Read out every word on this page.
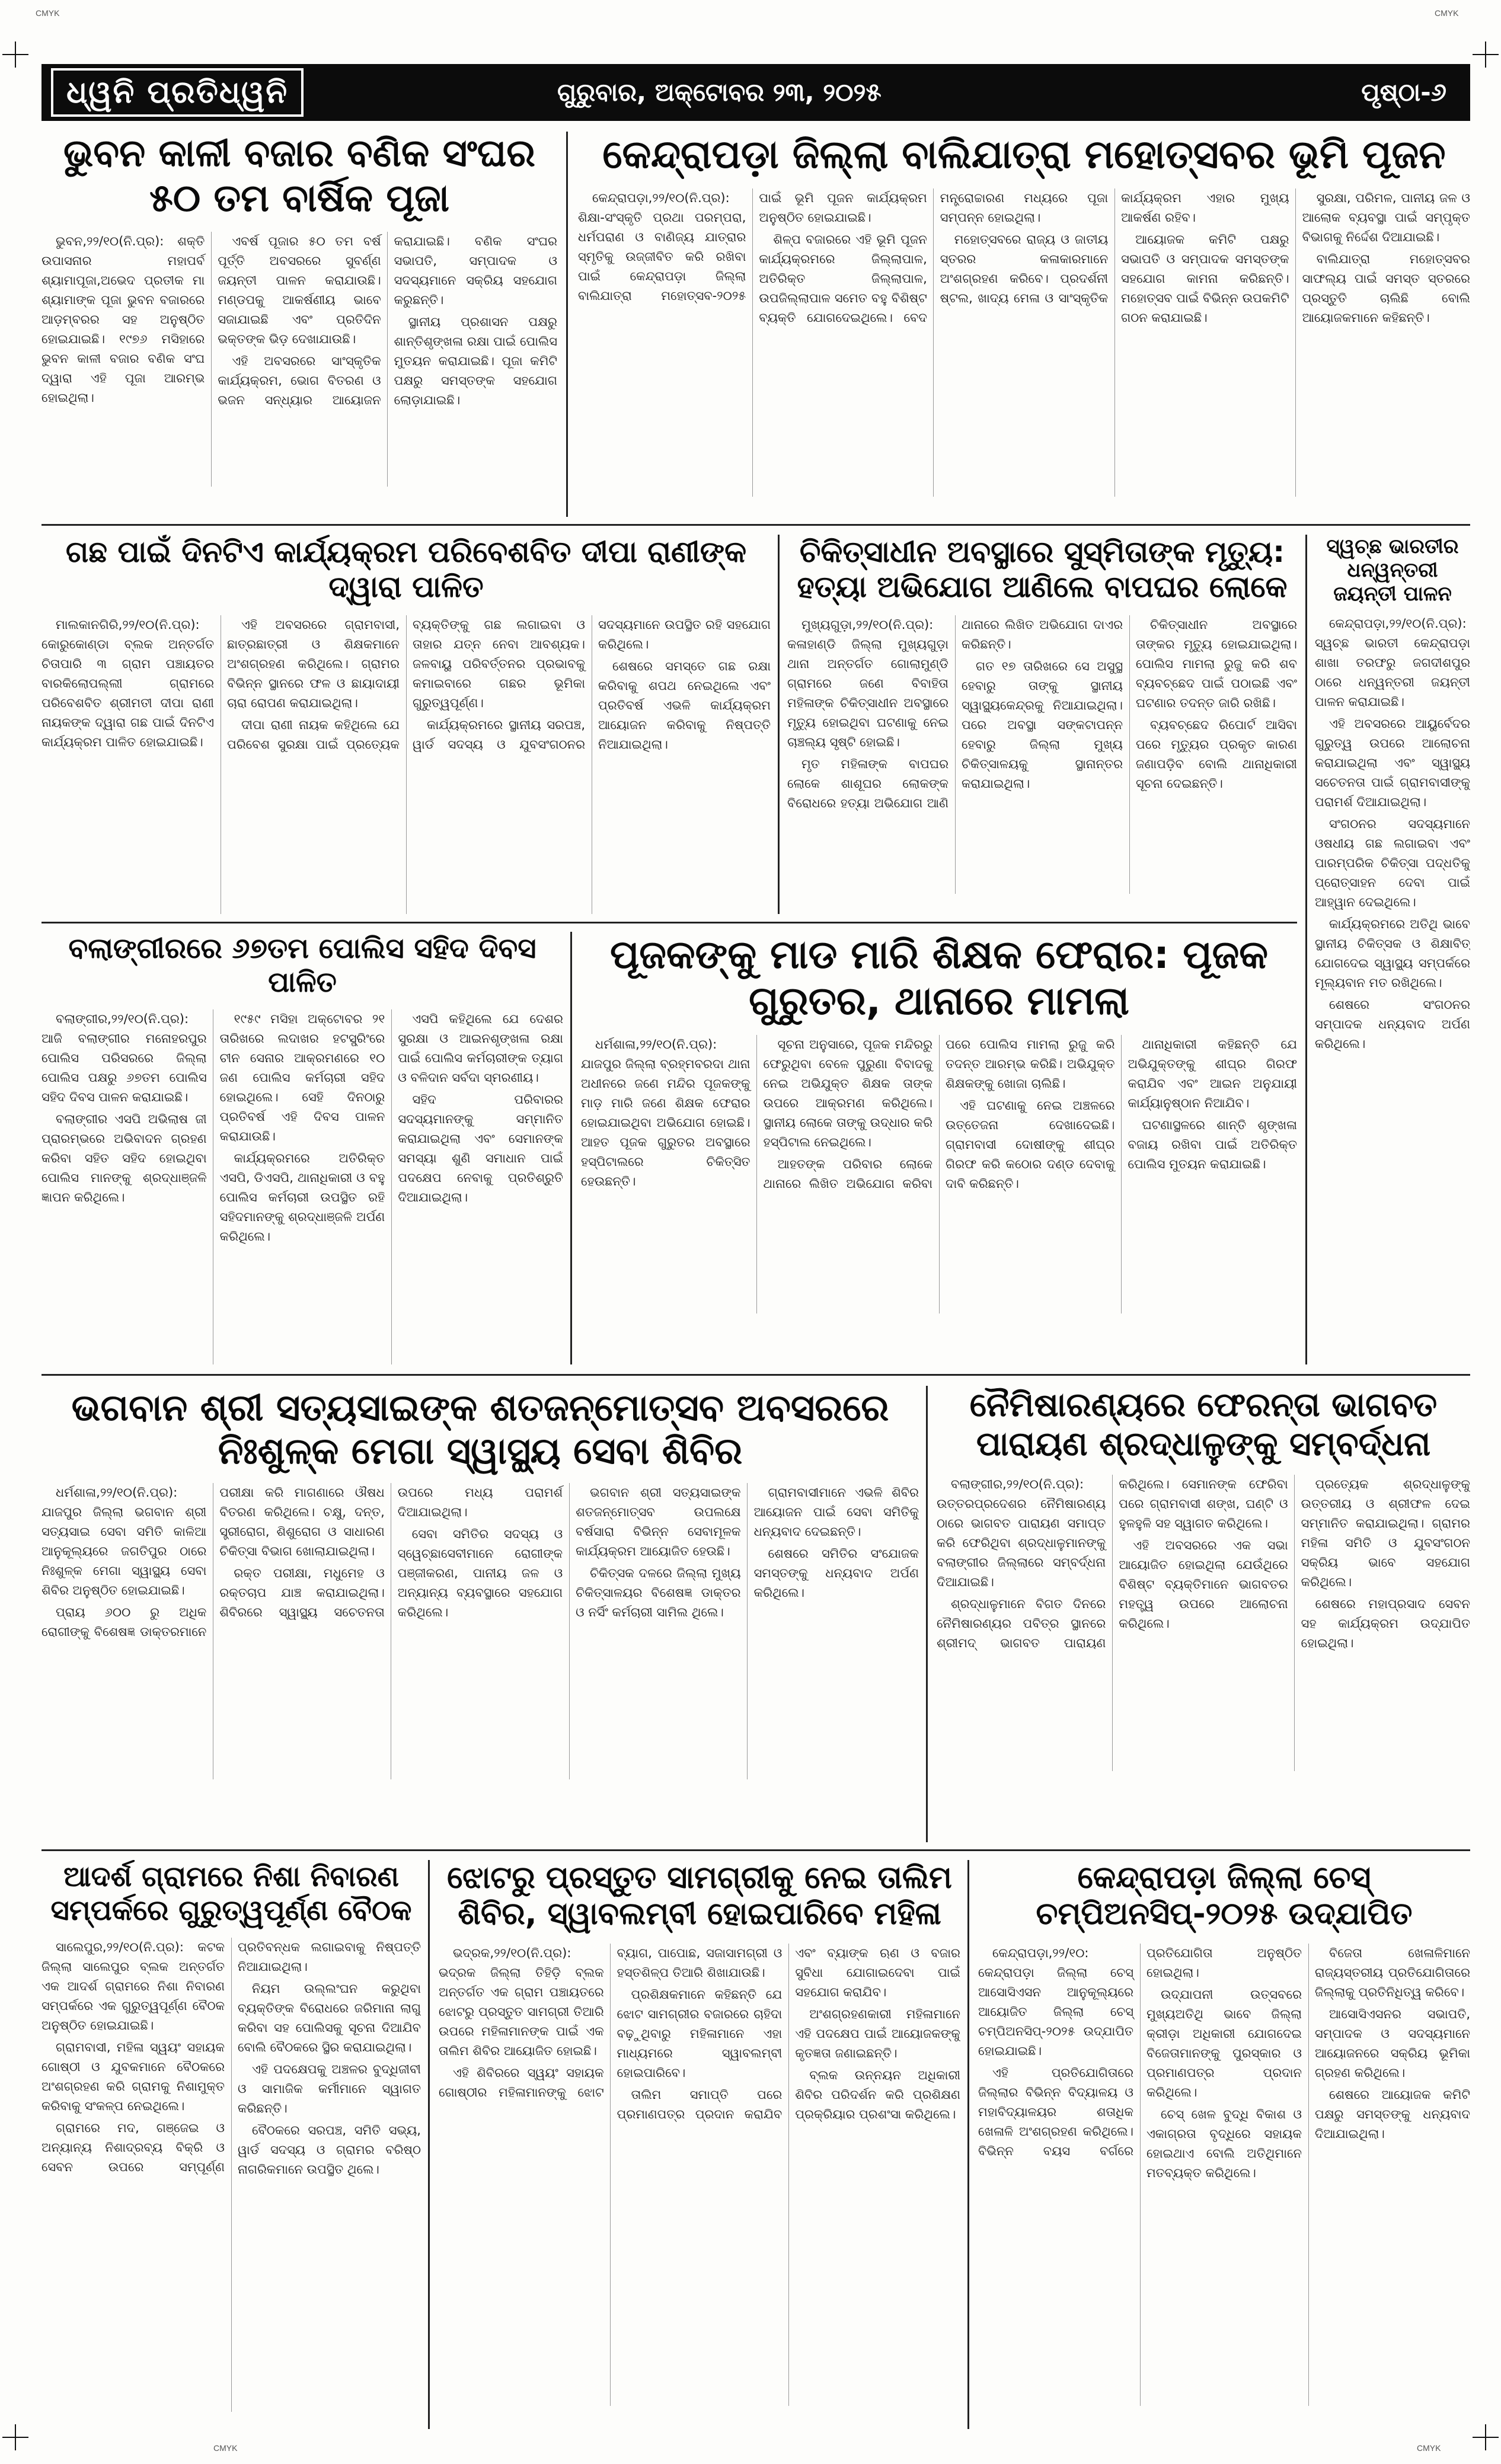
CMYK	CMYK
CMYK	CMYK
ଧ୍ୱନି ପ୍ରତିଧ୍ୱନି	ଗୁରୁବାର, ଅକ୍ଟୋବର ୨୩, ୨୦୨୫	ପୃଷ୍ଠା-୬
ଭୁବନ କାଳୀ ବଜାର ବଣିକ ସଂଘର ୫୦ ତମ ବାର୍ଷିକ ପୂଜା

ଭୁବନ,୨୨/୧୦(ନି.ପ୍ର): ଶକ୍ତି ଉପାସନାର ମହାପର୍ବ ଶ୍ୟାମାପୂଜା,ଅଭେଦ ପ୍ରତୀକ ମା ଶ୍ୟାମାଙ୍କ ପୂଜା ଭୁବନ ବଜାରରେ ଆଡ଼ମ୍ବରର ସହ ଅନୁଷ୍ଠିତ ହୋଇଯାଇଛି। ୧୯୭୬ ମସିହାରେ ଭୁବନ କାଳୀ ବଜାର ବଣିକ ସଂଘ ଦ୍ୱାରା ଏହି ପୂଜା ଆରମ୍ଭ ହୋଇଥିଲା।

ଏବର୍ଷ ପୂଜାର ୫୦ ତମ ବର୍ଷ ପୂର୍ତ୍ତି ଅବସରରେ ସୁବର୍ଣ୍ଣ ଜୟନ୍ତୀ ପାଳନ କରାଯାଉଛି। ମଣ୍ଡପକୁ ଆକର୍ଷଣୀୟ ଭାବେ ସଜାଯାଇଛି ଏବଂ ପ୍ରତିଦିନ ଭକ୍ତଙ୍କ ଭିଡ଼ ଦେଖାଯାଉଛି।

ଏହି ଅବସରରେ ସାଂସ୍କୃତିକ କାର୍ଯ୍ୟକ୍ରମ, ଭୋଗ ବିତରଣ ଓ ଭଜନ ସନ୍ଧ୍ୟାର ଆୟୋଜନ କରାଯାଇଛି। ବଣିକ ସଂଘର ସଭାପତି, ସମ୍ପାଦକ ଓ ସଦସ୍ୟମାନେ ସକ୍ରିୟ ସହଯୋଗ କରୁଛନ୍ତି।

ସ୍ଥାନୀୟ ପ୍ରଶାସନ ପକ୍ଷରୁ ଶାନ୍ତିଶୃଙ୍ଖଳା ରକ୍ଷା ପାଇଁ ପୋଲିସ ମୁତୟନ କରାଯାଇଛି। ପୂଜା କମିଟି ପକ୍ଷରୁ ସମସ୍ତଙ୍କ ସହଯୋଗ ଲୋଡ଼ାଯାଇଛି।

କେନ୍ଦ୍ରାପଡ଼ା ଜିଲ୍ଲା ବାଲିଯାତ୍ରା ମହୋତ୍ସବର ଭୂମି ପୂଜନ

କେନ୍ଦ୍ରାପଡ଼ା,୨୨/୧୦(ନି.ପ୍ର): ଶିକ୍ଷା-ସଂସ୍କୃତି ପ୍ରଥା ପରମ୍ପରା, ଧର୍ମପରାଣ ଓ ବାଣିଜ୍ୟ ଯାତ୍ରାର ସ୍ମୃତିକୁ ଉଜ୍ଜୀବିତ କରି ରଖିବା ପାଇଁ କେନ୍ଦ୍ରାପଡ଼ା ଜିଲ୍ଲା ବାଲିଯାତ୍ରା ମହୋତ୍ସବ-୨୦୨୫ ପାଇଁ ଭୂମି ପୂଜନ କାର୍ଯ୍ୟକ୍ରମ ଅନୁଷ୍ଠିତ ହୋଇଯାଇଛି।

ଶିଳ୍ପ ବଜାରରେ ଏହି ଭୂମି ପୂଜନ କାର୍ଯ୍ୟକ୍ରମରେ ଜିଲ୍ଲାପାଳ, ଅତିରିକ୍ତ ଜିଲ୍ଲାପାଳ, ଉପଜିଲ୍ଲାପାଳ ସମେତ ବହୁ ବିଶିଷ୍ଟ ବ୍ୟକ୍ତି ଯୋଗଦେଇଥିଲେ। ବେଦ ମନ୍ତ୍ରୋଚ୍ଚାରଣ ମଧ୍ୟରେ ପୂଜା ସମ୍ପନ୍ନ ହୋଇଥିଲା।

ମହୋତ୍ସବରେ ରାଜ୍ୟ ଓ ଜାତୀୟ ସ୍ତରର କଳାକାରମାନେ ଅଂଶଗ୍ରହଣ କରିବେ। ପ୍ରଦର୍ଶନୀ ଷ୍ଟଲ, ଖାଦ୍ୟ ମେଳା ଓ ସାଂସ୍କୃତିକ କାର୍ଯ୍ୟକ୍ରମ ଏହାର ମୁଖ୍ୟ ଆକର୍ଷଣ ରହିବ।

ଆୟୋଜକ କମିଟି ପକ୍ଷରୁ ସଭାପତି ଓ ସମ୍ପାଦକ ସମସ୍ତଙ୍କ ସହଯୋଗ କାମନା କରିଛନ୍ତି। ମହୋତ୍ସବ ପାଇଁ ବିଭିନ୍ନ ଉପକମିଟି ଗଠନ କରାଯାଇଛି।

ସୁରକ୍ଷା, ପରିମଳ, ପାନୀୟ ଜଳ ଓ ଆଲୋକ ବ୍ୟବସ୍ଥା ପାଇଁ ସମ୍ପୃକ୍ତ ବିଭାଗକୁ ନିର୍ଦ୍ଦେଶ ଦିଆଯାଇଛି।

ବାଲିଯାତ୍ରା ମହୋତ୍ସବର ସାଫଲ୍ୟ ପାଇଁ ସମସ୍ତ ସ୍ତରରେ ପ୍ରସ୍ତୁତି ଚାଲିଛି ବୋଲି ଆୟୋଜକମାନେ କହିଛନ୍ତି।

ଗଛ ପାଇଁ ଦିନଟିଏ କାର୍ଯ୍ୟକ୍ରମ ପରିବେଶବିତ ଦୀପା ରାଣୀଙ୍କ ଦ୍ୱାରା ପାଳିତ

ମାଲକାନଗିରି,୨୨/୧୦(ନି.ପ୍ର): କୋରୁକୋଣ୍ଡା ବ୍ଲକ ଅନ୍ତର୍ଗତ ଚିତାପାରି ୩ ଗ୍ରାମ ପଞ୍ଚାୟତର ବାରକିଲୋପଲ୍ଲୀ ଗ୍ରାମରେ ପରିବେଶବିତ ଶ୍ରୀମତୀ ଦୀପା ରାଣୀ ନାୟକଙ୍କ ଦ୍ୱାରା ଗଛ ପାଇଁ ଦିନଟିଏ କାର୍ଯ୍ୟକ୍ରମ ପାଳିତ ହୋଇଯାଇଛି।

ଏହି ଅବସରରେ ଗ୍ରାମବାସୀ, ଛାତ୍ରଛାତ୍ରୀ ଓ ଶିକ୍ଷକମାନେ ଅଂଶଗ୍ରହଣ କରିଥିଲେ। ଗ୍ରାମର ବିଭିନ୍ନ ସ୍ଥାନରେ ଫଳ ଓ ଛାୟାଦାୟୀ ଚାରା ରୋପଣ କରାଯାଇଥିଲା।

ଦୀପା ରାଣୀ ନାୟକ କହିଥିଲେ ଯେ ପରିବେଶ ସୁରକ୍ଷା ପାଇଁ ପ୍ରତ୍ୟେକ ବ୍ୟକ୍ତିଙ୍କୁ ଗଛ ଲଗାଇବା ଓ ତାହାର ଯତ୍ନ ନେବା ଆବଶ୍ୟକ। ଜଳବାୟୁ ପରିବର୍ତ୍ତନର ପ୍ରଭାବକୁ କମାଇବାରେ ଗଛର ଭୂମିକା ଗୁରୁତ୍ୱପୂର୍ଣ୍ଣ।

କାର୍ଯ୍ୟକ୍ରମରେ ସ୍ଥାନୀୟ ସରପଞ୍ଚ, ୱାର୍ଡ ସଦସ୍ୟ ଓ ଯୁବସଂଗଠନର ସଦସ୍ୟମାନେ ଉପସ୍ଥିତ ରହି ସହଯୋଗ କରିଥିଲେ।

ଶେଷରେ ସମସ୍ତେ ଗଛ ରକ୍ଷା କରିବାକୁ ଶପଥ ନେଇଥିଲେ ଏବଂ ପ୍ରତିବର୍ଷ ଏଭଳି କାର୍ଯ୍ୟକ୍ରମ ଆୟୋଜନ କରିବାକୁ ନିଷ୍ପତ୍ତି ନିଆଯାଇଥିଲା।

ଚିକିତ୍ସାଧୀନ ଅବସ୍ଥାରେ ସୁସ୍ମିତାଙ୍କ ମୃତ୍ୟୁ: ହତ୍ୟା ଅଭିଯୋଗ ଆଣିଲେ ବାପଘର ଲୋକେ

ମୁଖ୍ୟଗୁଡ଼ା,୨୨/୧୦(ନି.ପ୍ର): କଳାହାଣ୍ଡି ଜିଲ୍ଲା ମୁଖ୍ୟଗୁଡ଼ା ଥାନା ଅନ୍ତର୍ଗତ ଗୋଲାମୁଣ୍ଡି ଗ୍ରାମରେ ଜଣେ ବିବାହିତା ମହିଳାଙ୍କ ଚିକିତ୍ସାଧୀନ ଅବସ୍ଥାରେ ମୃତ୍ୟୁ ହୋଇଥିବା ଘଟଣାକୁ ନେଇ ଚାଞ୍ଚଲ୍ୟ ସୃଷ୍ଟି ହୋଇଛି।

ମୃତ ମହିଳାଙ୍କ ବାପଘର ଲୋକେ ଶାଶୂଘର ଲୋକଙ୍କ ବିରୋଧରେ ହତ୍ୟା ଅଭିଯୋଗ ଆଣି ଥାନାରେ ଲିଖିତ ଅଭିଯୋଗ ଦାଏର କରିଛନ୍ତି।

ଗତ ୧୭ ତାରିଖରେ ସେ ଅସୁସ୍ଥ ହେବାରୁ ତାଙ୍କୁ ସ୍ଥାନୀୟ ସ୍ୱାସ୍ଥ୍ୟକେନ୍ଦ୍ରକୁ ନିଆଯାଇଥିଲା। ପରେ ଅବସ୍ଥା ସଙ୍କଟାପନ୍ନ ହେବାରୁ ଜିଲ୍ଲା ମୁଖ୍ୟ ଚିକିତ୍ସାଳୟକୁ ସ୍ଥାନାନ୍ତର କରାଯାଇଥିଲା।

ଚିକିତ୍ସାଧୀନ ଅବସ୍ଥାରେ ତାଙ୍କର ମୃତ୍ୟୁ ହୋଇଯାଇଥିଲା। ପୋଲିସ ମାମଲା ରୁଜୁ କରି ଶବ ବ୍ୟବଚ୍ଛେଦ ପାଇଁ ପଠାଇଛି ଏବଂ ଘଟଣାର ତଦନ୍ତ ଜାରି ରଖିଛି।

ବ୍ୟବଚ୍ଛେଦ ରିପୋର୍ଟ ଆସିବା ପରେ ମୃତ୍ୟୁର ପ୍ରକୃତ କାରଣ ଜଣାପଡ଼ିବ ବୋଲି ଥାନାଧିକାରୀ ସୂଚନା ଦେଇଛନ୍ତି।

ସ୍ୱଚ୍ଛ ଭାରତୀର ଧନ୍ୱନ୍ତରୀ ଜୟନ୍ତୀ ପାଳନ

କେନ୍ଦ୍ରାପଡ଼ା,୨୨/୧୦(ନି.ପ୍ର): ସ୍ୱଚ୍ଛ ଭାରତୀ କେନ୍ଦ୍ରାପଡ଼ା ଶାଖା ତରଫରୁ ଜଗଦୀଶପୁର ଠାରେ ଧନ୍ୱନ୍ତରୀ ଜୟନ୍ତୀ ପାଳନ କରାଯାଇଛି।

ଏହି ଅବସରରେ ଆୟୁର୍ବେଦର ଗୁରୁତ୍ୱ ଉପରେ ଆଲୋଚନା କରାଯାଇଥିଲା ଏବଂ ସ୍ୱାସ୍ଥ୍ୟ ସଚେତନତା ପାଇଁ ଗ୍ରାମବାସୀଙ୍କୁ ପରାମର୍ଶ ଦିଆଯାଇଥିଲା।

ସଂଗଠନର ସଦସ୍ୟମାନେ ଓଷଧୀୟ ଗଛ ଲଗାଇବା ଏବଂ ପାରମ୍ପରିକ ଚିକିତ୍ସା ପଦ୍ଧତିକୁ ପ୍ରୋତ୍ସାହନ ଦେବା ପାଇଁ ଆହ୍ୱାନ ଦେଇଥିଲେ।

କାର୍ଯ୍ୟକ୍ରମରେ ଅତିଥି ଭାବେ ସ୍ଥାନୀୟ ଚିକିତ୍ସକ ଓ ଶିକ୍ଷାବିତ୍ ଯୋଗଦେଇ ସ୍ୱାସ୍ଥ୍ୟ ସମ୍ପର୍କରେ ମୂଲ୍ୟବାନ ମତ ରଖିଥିଲେ।

ଶେଷରେ ସଂଗଠନର ସମ୍ପାଦକ ଧନ୍ୟବାଦ ଅର୍ପଣ କରିଥିଲେ।

ବଲାଙ୍ଗୀରରେ ୬୭ତମ ପୋଲିସ ସହିଦ ଦିବସ ପାଳିତ

ବଲାଙ୍ଗୀର,୨୨/୧୦(ନି.ପ୍ର): ଆଜି ବଲାଙ୍ଗୀର ମନୋହରପୁର ପୋଲିସ ପରିସରରେ ଜିଲ୍ଲା ପୋଲିସ ପକ୍ଷରୁ ୬୭ତମ ପୋଲିସ ସହିଦ ଦିବସ ପାଳନ କରାଯାଇଛି।

ବଲାଙ୍ଗୀର ଏସପି ଅଭିଲାଷ ଜୀ ପ୍ରାରମ୍ଭରେ ଅଭିବାଦନ ଗ୍ରହଣ କରିବା ସହିତ ସହିଦ ହୋଇଥିବା ପୋଲିସ ମାନଙ୍କୁ ଶ୍ରଦ୍ଧାଞ୍ଜଳି ଜ୍ଞାପନ କରିଥିଲେ।

୧୯୫୯ ମସିହା ଅକ୍ଟୋବର ୨୧ ତାରିଖରେ ଲଦାଖର ହଟସ୍ପ୍ରିଂରେ ଚୀନ ସେନାର ଆକ୍ରମଣରେ ୧୦ ଜଣ ପୋଲିସ କର୍ମଚାରୀ ସହିଦ ହୋଇଥିଲେ। ସେହି ଦିନଠାରୁ ପ୍ରତିବର୍ଷ ଏହି ଦିବସ ପାଳନ କରାଯାଉଛି।

କାର୍ଯ୍ୟକ୍ରମରେ ଅତିରିକ୍ତ ଏସପି, ଡିଏସପି, ଥାନାଧିକାରୀ ଓ ବହୁ ପୋଲିସ କର୍ମଚାରୀ ଉପସ୍ଥିତ ରହି ସହିଦମାନଙ୍କୁ ଶ୍ରଦ୍ଧାଞ୍ଜଳି ଅର୍ପଣ କରିଥିଲେ।

ଏସପି କହିଥିଲେ ଯେ ଦେଶର ସୁରକ୍ଷା ଓ ଆଇନଶୃଙ୍ଖଳା ରକ୍ଷା ପାଇଁ ପୋଲିସ କର୍ମଚାରୀଙ୍କ ତ୍ୟାଗ ଓ ବଳିଦାନ ସର୍ବଦା ସ୍ମରଣୀୟ।

ସହିଦ ପରିବାରର ସଦସ୍ୟମାନଙ୍କୁ ସମ୍ମାନିତ କରାଯାଇଥିଲା ଏବଂ ସେମାନଙ୍କ ସମସ୍ୟା ଶୁଣି ସମାଧାନ ପାଇଁ ପଦକ୍ଷେପ ନେବାକୁ ପ୍ରତିଶ୍ରୁତି ଦିଆଯାଇଥିଲା।

ପୂଜକଙ୍କୁ ମାଡ ମାରି ଶିକ୍ଷକ ଫେରାର: ପୂଜକ ଗୁରୁତର, ଥାନାରେ ମାମଲା

ଧର୍ମଶାଳା,୨୨/୧୦(ନି.ପ୍ର): ଯାଜପୁର ଜିଲ୍ଲା ବ୍ରହ୍ମବରଦା ଥାନା ଅଧୀନରେ ଜଣେ ମନ୍ଦିର ପୂଜକଙ୍କୁ ମାଡ଼ ମାରି ଜଣେ ଶିକ୍ଷକ ଫେରାର ହୋଇଯାଇଥିବା ଅଭିଯୋଗ ହୋଇଛି। ଆହତ ପୂଜକ ଗୁରୁତର ଅବସ୍ଥାରେ ହସ୍ପିଟାଲରେ ଚିକିତ୍ସିତ ହେଉଛନ୍ତି।

ସୂଚନା ଅନୁସାରେ, ପୂଜକ ମନ୍ଦିରରୁ ଫେରୁଥିବା ବେଳେ ପୁରୁଣା ବିବାଦକୁ ନେଇ ଅଭିଯୁକ୍ତ ଶିକ୍ଷକ ତାଙ୍କ ଉପରେ ଆକ୍ରମଣ କରିଥିଲେ। ସ୍ଥାନୀୟ ଲୋକେ ତାଙ୍କୁ ଉଦ୍ଧାର କରି ହସ୍ପିଟାଲ ନେଇଥିଲେ।

ଆହତଙ୍କ ପରିବାର ଲୋକେ ଥାନାରେ ଲିଖିତ ଅଭିଯୋଗ କରିବା ପରେ ପୋଲିସ ମାମଲା ରୁଜୁ କରି ତଦନ୍ତ ଆରମ୍ଭ କରିଛି। ଅଭିଯୁକ୍ତ ଶିକ୍ଷକଙ୍କୁ ଖୋଜା ଚାଲିଛି।

ଏହି ଘଟଣାକୁ ନେଇ ଅଞ୍ଚଳରେ ଉତ୍ତେଜନା ଦେଖାଦେଇଛି। ଗ୍ରାମବାସୀ ଦୋଷୀଙ୍କୁ ଶୀଘ୍ର ଗିରଫ କରି କଠୋର ଦଣ୍ଡ ଦେବାକୁ ଦାବି କରିଛନ୍ତି।

ଥାନାଧିକାରୀ କହିଛନ୍ତି ଯେ ଅଭିଯୁକ୍ତଙ୍କୁ ଶୀଘ୍ର ଗିରଫ କରାଯିବ ଏବଂ ଆଇନ ଅନୁଯାୟୀ କାର୍ଯ୍ୟାନୁଷ୍ଠାନ ନିଆଯିବ।

ଘଟଣାସ୍ଥଳରେ ଶାନ୍ତି ଶୃଙ୍ଖଳା ବଜାୟ ରଖିବା ପାଇଁ ଅତିରିକ୍ତ ପୋଲିସ ମୁତୟନ କରାଯାଇଛି।

ଭଗବାନ ଶ୍ରୀ ସତ୍ୟସାଇଙ୍କ ଶତଜନ୍ମୋତ୍ସବ ଅବସରରେ ନିଃଶୁଳ୍କ ମେଗା ସ୍ୱାସ୍ଥ୍ୟ ସେବା ଶିବିର

ଧର୍ମଶାଳା,୨୨/୧୦(ନି.ପ୍ର): ଯାଜପୁର ଜିଲ୍ଲା ଭଗବାନ ଶ୍ରୀ ସତ୍ୟସାଇ ସେବା ସମିତି କାଳିଆ ଆନୁକୂଲ୍ୟରେ ଜଗତିପୁର ଠାରେ ନିଃଶୁଳ୍କ ମେଗା ସ୍ୱାସ୍ଥ୍ୟ ସେବା ଶିବିର ଅନୁଷ୍ଠିତ ହୋଇଯାଇଛି।

ପ୍ରାୟ ୬୦୦ ରୁ ଅଧିକ ରୋଗୀଙ୍କୁ ବିଶେଷଜ୍ଞ ଡାକ୍ତରମାନେ ପରୀକ୍ଷା କରି ମାଗଣାରେ ଔଷଧ ବିତରଣ କରିଥିଲେ। ଚକ୍ଷୁ, ଦନ୍ତ, ସ୍ତ୍ରୀରୋଗ, ଶିଶୁରୋଗ ଓ ସାଧାରଣ ଚିକିତ୍ସା ବିଭାଗ ଖୋଲାଯାଇଥିଲା।

ରକ୍ତ ପରୀକ୍ଷା, ମଧୁମେହ ଓ ରକ୍ତଚାପ ଯାଞ୍ଚ କରାଯାଇଥିଲା। ଶିବିରରେ ସ୍ୱାସ୍ଥ୍ୟ ସଚେତନତା ଉପରେ ମଧ୍ୟ ପରାମର୍ଶ ଦିଆଯାଇଥିଲା।

ସେବା ସମିତିର ସଦସ୍ୟ ଓ ସ୍ୱେଚ୍ଛାସେବୀମାନେ ରୋଗୀଙ୍କ ପଞ୍ଜୀକରଣ, ପାନୀୟ ଜଳ ଓ ଅନ୍ୟାନ୍ୟ ବ୍ୟବସ୍ଥାରେ ସହଯୋଗ କରିଥିଲେ।

ଭଗବାନ ଶ୍ରୀ ସତ୍ୟସାଇଙ୍କ ଶତଜନ୍ମୋତ୍ସବ ଉପଲକ୍ଷେ ବର୍ଷସାରା ବିଭିନ୍ନ ସେବାମୂଳକ କାର୍ଯ୍ୟକ୍ରମ ଆୟୋଜିତ ହେଉଛି।

ଚିକିତ୍ସକ ଦଳରେ ଜିଲ୍ଲା ମୁଖ୍ୟ ଚିକିତ୍ସାଳୟର ବିଶେଷଜ୍ଞ ଡାକ୍ତର ଓ ନର୍ସିଂ କର୍ମଚାରୀ ସାମିଲ ଥିଲେ।

ଗ୍ରାମବାସୀମାନେ ଏଭଳି ଶିବିର ଆୟୋଜନ ପାଇଁ ସେବା ସମିତିକୁ ଧନ୍ୟବାଦ ଦେଇଛନ୍ତି।

ଶେଷରେ ସମିତିର ସଂଯୋଜକ ସମସ୍ତଙ୍କୁ ଧନ୍ୟବାଦ ଅର୍ପଣ କରିଥିଲେ।

ନୈମିଷାରଣ୍ୟରେ ଫେରନ୍ତା ଭାଗବତ ପାରାୟଣ ଶ୍ରଦ୍ଧାଳୁଙ୍କୁ ସମ୍ବର୍ଦ୍ଧନା

ବଲାଙ୍ଗୀର,୨୨/୧୦(ନି.ପ୍ର): ଉତ୍ତରପ୍ରଦେଶର ନୈମିଷାରଣ୍ୟ ଠାରେ ଭାଗବତ ପାରାୟଣ ସମାପ୍ତ କରି ଫେରିଥିବା ଶ୍ରଦ୍ଧାଳୁମାନଙ୍କୁ ବଲାଙ୍ଗୀର ଜିଲ୍ଲାରେ ସମ୍ବର୍ଦ୍ଧନା ଦିଆଯାଇଛି।

ଶ୍ରଦ୍ଧାଳୁମାନେ ବିଗତ ଦିନରେ ନୈମିଷାରଣ୍ୟର ପବିତ୍ର ସ୍ଥାନରେ ଶ୍ରୀମଦ୍ ଭାଗବତ ପାରାୟଣ କରିଥିଲେ। ସେମାନଙ୍କ ଫେରିବା ପରେ ଗ୍ରାମବାସୀ ଶଙ୍ଖ, ଘଣ୍ଟି ଓ ହୁଳହୁଳି ସହ ସ୍ୱାଗତ କରିଥିଲେ।

ଏହି ଅବସରରେ ଏକ ସଭା ଆୟୋଜିତ ହୋଇଥିଲା ଯେଉଁଥିରେ ବିଶିଷ୍ଟ ବ୍ୟକ୍ତିମାନେ ଭାଗବତର ମହତ୍ତ୍ୱ ଉପରେ ଆଲୋଚନା କରିଥିଲେ।

ପ୍ରତ୍ୟେକ ଶ୍ରଦ୍ଧାଳୁଙ୍କୁ ଉତ୍ତରୀୟ ଓ ଶ୍ରୀଫଳ ଦେଇ ସମ୍ମାନିତ କରାଯାଇଥିଲା। ଗ୍ରାମର ମହିଳା ସମିତି ଓ ଯୁବସଂଗଠନ ସକ୍ରିୟ ଭାବେ ସହଯୋଗ କରିଥିଲେ।

ଶେଷରେ ମହାପ୍ରସାଦ ସେବନ ସହ କାର୍ଯ୍ୟକ୍ରମ ଉଦ୍ଯାପିତ ହୋଇଥିଲା।

ଆଦର୍ଶ ଗ୍ରାମରେ ନିଶା ନିବାରଣ ସମ୍ପର୍କରେ ଗୁରୁତ୍ୱପୂର୍ଣ୍ଣ ବୈଠକ

ସାଲେପୁର,୨୨/୧୦(ନି.ପ୍ର): କଟକ ଜିଲ୍ଲା ସାଲେପୁର ବ୍ଲକ ଅନ୍ତର୍ଗତ ଏକ ଆଦର୍ଶ ଗ୍ରାମରେ ନିଶା ନିବାରଣ ସମ୍ପର୍କରେ ଏକ ଗୁରୁତ୍ୱପୂର୍ଣ୍ଣ ବୈଠକ ଅନୁଷ୍ଠିତ ହୋଇଯାଇଛି।

ଗ୍ରାମବାସୀ, ମହିଳା ସ୍ୱୟଂ ସହାୟକ ଗୋଷ୍ଠୀ ଓ ଯୁବକମାନେ ବୈଠକରେ ଅଂଶଗ୍ରହଣ କରି ଗ୍ରାମକୁ ନିଶାମୁକ୍ତ କରିବାକୁ ସଂକଳ୍ପ ନେଇଥିଲେ।

ଗ୍ରାମରେ ମଦ, ଗଞ୍ଜେଇ ଓ ଅନ୍ୟାନ୍ୟ ନିଶାଦ୍ରବ୍ୟ ବିକ୍ରି ଓ ସେବନ ଉପରେ ସମ୍ପୂର୍ଣ୍ଣ ପ୍ରତିବନ୍ଧକ ଲଗାଇବାକୁ ନିଷ୍ପତ୍ତି ନିଆଯାଇଥିଲା।

ନିୟମ ଉଲ୍ଲଂଘନ କରୁଥିବା ବ୍ୟକ୍ତିଙ୍କ ବିରୋଧରେ ଜରିମାନା ଲାଗୁ କରିବା ସହ ପୋଲିସକୁ ସୂଚନା ଦିଆଯିବ ବୋଲି ବୈଠକରେ ସ୍ଥିର କରାଯାଇଥିଲା।

ଏହି ପଦକ୍ଷେପକୁ ଅଞ୍ଚଳର ବୁଦ୍ଧିଜୀବୀ ଓ ସାମାଜିକ କର୍ମୀମାନେ ସ୍ୱାଗତ କରିଛନ୍ତି।

ବୈଠକରେ ସରପଞ୍ଚ, ସମିତି ସଭ୍ୟ, ୱାର୍ଡ ସଦସ୍ୟ ଓ ଗ୍ରାମର ବରିଷ୍ଠ ନାଗରିକମାନେ ଉପସ୍ଥିତ ଥିଲେ।

ଝୋଟରୁ ପ୍ରସ୍ତୁତ ସାମଗ୍ରୀକୁ ନେଇ ତାଲିମ ଶିବିର, ସ୍ୱାବଲମ୍ବୀ ହୋଇପାରିବେ ମହିଳା

ଭଦ୍ରକ,୨୨/୧୦(ନି.ପ୍ର): ଭଦ୍ରକ ଜିଲ୍ଲା ତିହିଡ଼ି ବ୍ଲକ ଅନ୍ତର୍ଗତ ଏକ ଗ୍ରାମ ପଞ୍ଚାୟତରେ ଝୋଟରୁ ପ୍ରସ୍ତୁତ ସାମଗ୍ରୀ ତିଆରି ଉପରେ ମହିଳାମାନଙ୍କ ପାଇଁ ଏକ ତାଲିମ ଶିବିର ଆୟୋଜିତ ହୋଇଛି।

ଏହି ଶିବିରରେ ସ୍ୱୟଂ ସହାୟକ ଗୋଷ୍ଠୀର ମହିଳାମାନଙ୍କୁ ଝୋଟ ବ୍ୟାଗ, ପାପୋଛ, ସଜାସାମଗ୍ରୀ ଓ ହସ୍ତଶିଳ୍ପ ତିଆରି ଶିଖାଯାଉଛି।

ପ୍ରଶିକ୍ଷକମାନେ କହିଛନ୍ତି ଯେ ଝୋଟ ସାମଗ୍ରୀର ବଜାରରେ ଚାହିଦା ବଢ଼ୁଥିବାରୁ ମହିଳାମାନେ ଏହା ମାଧ୍ୟମରେ ସ୍ୱାବଲମ୍ବୀ ହୋଇପାରିବେ।

ତାଲିମ ସମାପ୍ତି ପରେ ପ୍ରମାଣପତ୍ର ପ୍ରଦାନ କରାଯିବ ଏବଂ ବ୍ୟାଙ୍କ ଋଣ ଓ ବଜାର ସୁବିଧା ଯୋଗାଇଦେବା ପାଇଁ ସହଯୋଗ କରାଯିବ।

ଅଂଶଗ୍ରହଣକାରୀ ମହିଳାମାନେ ଏହି ପଦକ୍ଷେପ ପାଇଁ ଆୟୋଜକଙ୍କୁ କୃତଜ୍ଞତା ଜଣାଇଛନ୍ତି।

ବ୍ଲକ ଉନ୍ନୟନ ଅଧିକାରୀ ଶିବିର ପରିଦର୍ଶନ କରି ପ୍ରଶିକ୍ଷଣ ପ୍ରକ୍ରିୟାର ପ୍ରଶଂସା କରିଥିଲେ।

କେନ୍ଦ୍ରାପଡ଼ା ଜିଲ୍ଲା ଚେସ୍ ଚମ୍ପିଅନସିପ୍-୨୦୨୫ ଉଦ୍ଯାପିତ

କେନ୍ଦ୍ରାପଡ଼ା,୨୨/୧୦: କେନ୍ଦ୍ରାପଡ଼ା ଜିଲ୍ଲା ଚେସ୍ ଆସୋସିଏସନ ଆନୁକୂଲ୍ୟରେ ଆୟୋଜିତ ଜିଲ୍ଲା ଚେସ୍ ଚମ୍ପିଅନସିପ୍-୨୦୨୫ ଉଦ୍ଯାପିତ ହୋଇଯାଇଛି।

ଏହି ପ୍ରତିଯୋଗିତାରେ ଜିଲ୍ଲାର ବିଭିନ୍ନ ବିଦ୍ୟାଳୟ ଓ ମହାବିଦ୍ୟାଳୟର ଶତାଧିକ ଖେଳାଳି ଅଂଶଗ୍ରହଣ କରିଥିଲେ। ବିଭିନ୍ନ ବୟସ ବର୍ଗରେ ପ୍ରତିଯୋଗିତା ଅନୁଷ୍ଠିତ ହୋଇଥିଲା।

ଉଦ୍ଯାପନୀ ଉତ୍ସବରେ ମୁଖ୍ୟଅତିଥି ଭାବେ ଜିଲ୍ଲା କ୍ରୀଡ଼ା ଅଧିକାରୀ ଯୋଗଦେଇ ବିଜେତାମାନଙ୍କୁ ପୁରସ୍କାର ଓ ପ୍ରମାଣପତ୍ର ପ୍ରଦାନ କରିଥିଲେ।

ଚେସ୍ ଖେଳ ବୁଦ୍ଧି ବିକାଶ ଓ ଏକାଗ୍ରତା ବୃଦ୍ଧିରେ ସହାୟକ ହୋଇଥାଏ ବୋଲି ଅତିଥିମାନେ ମତବ୍ୟକ୍ତ କରିଥିଲେ।

ବିଜେତା ଖେଳାଳିମାନେ ରାଜ୍ୟସ୍ତରୀୟ ପ୍ରତିଯୋଗିତାରେ ଜିଲ୍ଲାକୁ ପ୍ରତିନିଧିତ୍ୱ କରିବେ।

ଆସୋସିଏସନର ସଭାପତି, ସମ୍ପାଦକ ଓ ସଦସ୍ୟମାନେ ଆୟୋଜନରେ ସକ୍ରିୟ ଭୂମିକା ଗ୍ରହଣ କରିଥିଲେ।

ଶେଷରେ ଆୟୋଜକ କମିଟି ପକ୍ଷରୁ ସମସ୍ତଙ୍କୁ ଧନ୍ୟବାଦ ଦିଆଯାଇଥିଲା।
